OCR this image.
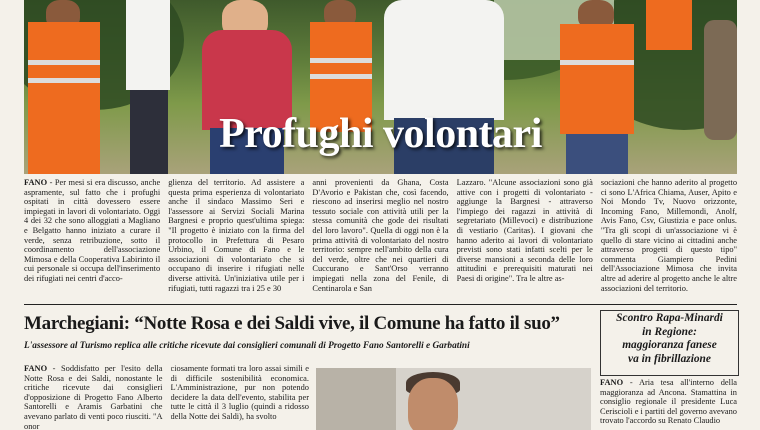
Profughi volontari
FANO - Per mesi si era discusso, anche aspramente, sul fatto che i profughi ospitati in città dovessero essere impiegati in lavori di volontariato. Oggi 4 dei 32 che sono alloggiati a Magliano e Belgatto hanno iniziato a curare il verde, senza retribuzione, sotto il coordinamento dell'associazione Mimosa e della Cooperativa Labirinto il cui personale si occupa dell'inserimento dei rifugiati nei centri d'acco-
glienza del territorio. Ad assistere a questa prima esperienza di volontariato anche il sindaco Massimo Seri e l'assessore ai Servizi Sociali Marina Bargnesi e proprio quest'ultima spiega: "Il progetto è iniziato con la firma del protocollo in Prefettura di Pesaro Urbino, il Comune di Fano e le associazioni di volontariato che si occupano di inserire i rifugiati nelle diverse attività. Un'iniziativa utile per i rifugiati, tutti ragazzi tra i 25 e 30
anni provenienti da Ghana, Costa D'Avorio e Pakistan che, così facendo, riescono ad inserirsi meglio nel nostro tessuto sociale con attività utili per la stessa comunità che gode dei risultati del loro lavoro". Quella di oggi non è la prima attività di volontariato del nostro territorio: sempre nell'ambito della cura del verde, oltre che nei quartieri di Cuccurano e Sant'Orso verranno impiegati nella zona del Fenile, di Centinarola e San
Lazzaro. "Alcune associazioni sono già attive con i progetti di volontariato - aggiunge la Bargnesi - attraverso l'impiego dei ragazzi in attività di segretariato (Millevoci) e distribuzione di vestiario (Caritas). I giovani che hanno aderito ai lavori di volontariato previsti sono stati infatti scelti per le diverse mansioni a seconda delle loro attitudini e prerequisiti maturati nei Paesi di origine". Tra le altre as-
sociazioni che hanno aderito al progetto ci sono L'Africa Chiama, Auser, Apito e Noi Mondo Tv, Nuovo orizzonte, Incoming Fano, Millemondi, Anolf, Avis Fano, Csv, Giustizia e pace onlus. "Tra gli scopi di un'associazione vi è quello di stare vicino ai cittadini anche attraverso progetti di questo tipo" commenta Giampiero Pedini dell'Associazione Mimosa che invita altre ad aderire al progetto anche le altre associazioni del territorio.
Marchegiani: “Notte Rosa e dei Saldi vive, il Comune ha fatto il suo”
L'assessore al Turismo replica alle critiche ricevute dai consiglieri comunali di Progetto Fano Santorelli e Garbatini
FANO - Soddisfatto per l'esito della Notte Rosa e dei Saldi, nonostante le critiche ricevute dai consiglieri d'opposizione di Progetto Fano Alberto Santorelli e Aramis Garbatini che avevano parlato di venti poco riusciti. "A onor
ciosamente formati tra loro assai simili e di difficile sostenibilità economica. L'Amministrazione, pur non potendo decidere la data dell'evento, stabilita per tutte le città il 3 luglio (quindi a ridosso della Notte dei Saldi), ha svolto
Scontro Rapa-Minardi
in Regione:
maggioranza fanese
va in fibrillazione
FANO - Aria tesa all'interno della maggioranza ad Ancona. Stamattina in consiglio regionale il presidente Luca Ceriscioli e i partiti del governo avevano trovato l'accordo su Renato Claudio
